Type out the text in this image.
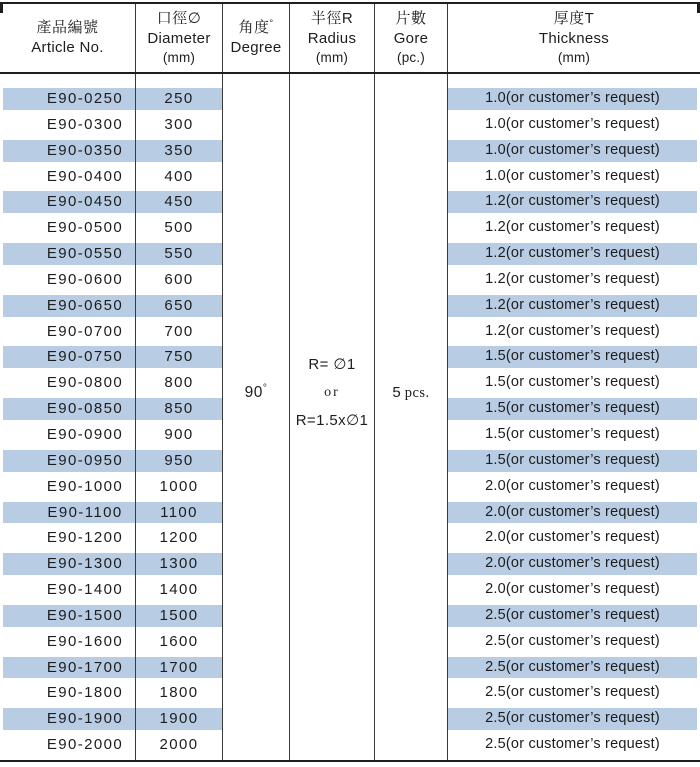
產品編號
Article No.
口徑∅
Diameter
(mm)
角度°
Degree
半徑R
Radius
(mm)
片數
Gore
(pc.)
厚度T
Thickness
(mm)
E90-0250
E90-0300
E90-0350
E90-0400
E90-0450
E90-0500
E90-0550
E90-0600
E90-0650
E90-0700
E90-0750
E90-0800
E90-0850
E90-0900
E90-0950
E90-1000
E90-1100
E90-1200
E90-1300
E90-1400
E90-1500
E90-1600
E90-1700
E90-1800
E90-1900
E90-2000
250
300
350
400
450
500
550
600
650
700
750
800
850
900
950
1000
1100
1200
1300
1400
1500
1600
1700
1800
1900
2000
90°
R= ∅1
or
R=1.5x∅1
5 pcs.
1.0(or customer’s request)
1.0(or customer’s request)
1.0(or customer’s request)
1.0(or customer’s request)
1.2(or customer’s request)
1.2(or customer’s request)
1.2(or customer’s request)
1.2(or customer’s request)
1.2(or customer’s request)
1.2(or customer’s request)
1.5(or customer’s request)
1.5(or customer’s request)
1.5(or customer’s request)
1.5(or customer’s request)
1.5(or customer’s request)
2.0(or customer’s request)
2.0(or customer’s request)
2.0(or customer’s request)
2.0(or customer’s request)
2.0(or customer’s request)
2.5(or customer’s request)
2.5(or customer’s request)
2.5(or customer’s request)
2.5(or customer’s request)
2.5(or customer’s request)
2.5(or customer’s request)
